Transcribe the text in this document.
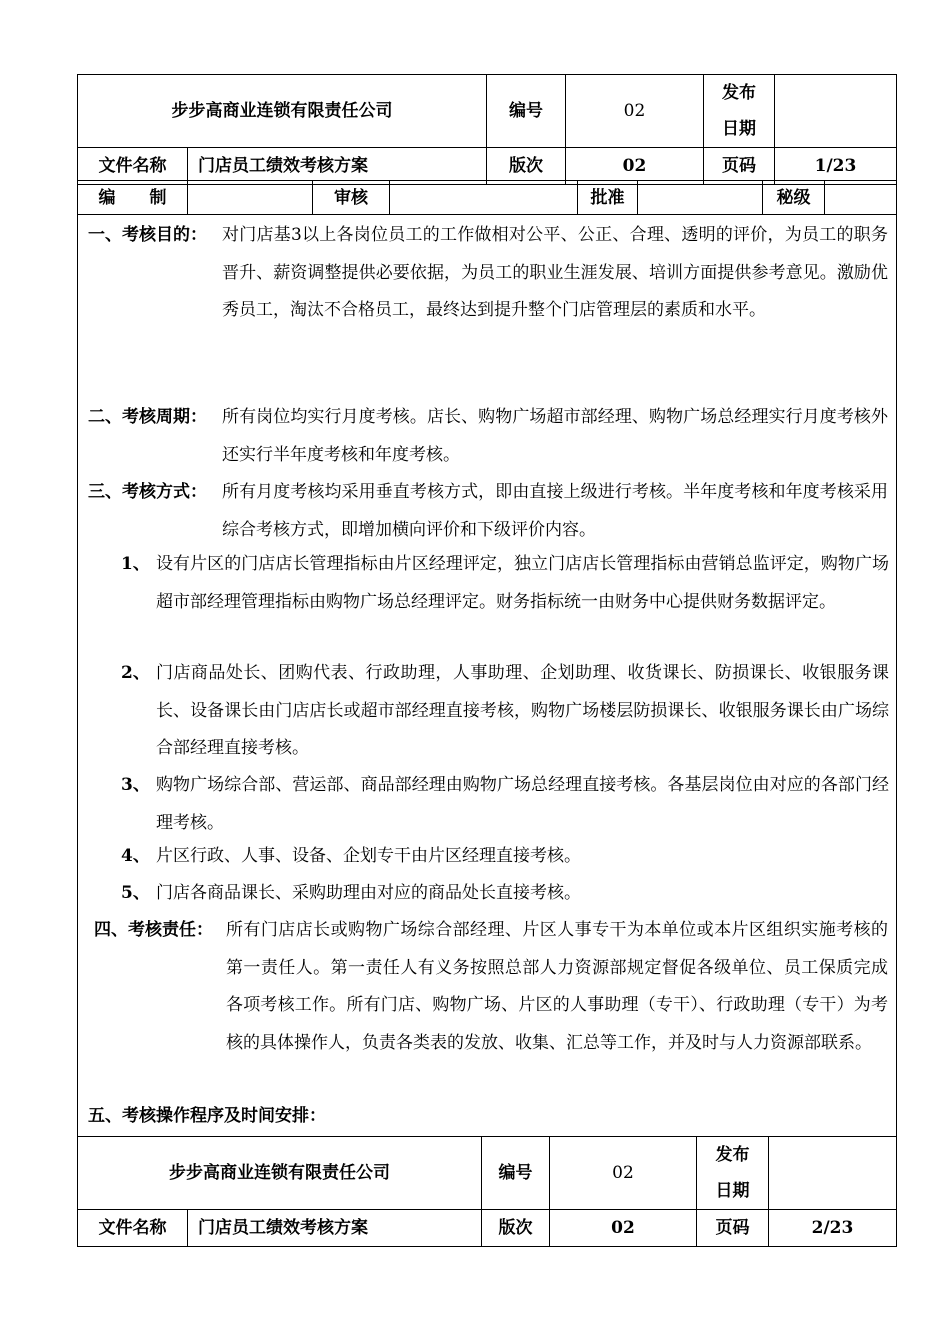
步步高商业连锁有限责任公司		编号	02	发布
日期	

文件名称	门店员工绩效考核方案	版次	02	页码	1/23
编　　制		审核		批准		秘级	
一、考核目的： 对门店基3以上各岗位员工的工作做相对公平、公正、合理、透明的评价，为员工的职务晋升、薪资调整提供必要依据，为员工的职业生涯发展、培训方面提供参考意见。激励优秀员工，淘汰不合格员工，最终达到提升整个门店管理层的素质和水平。
二、考核周期： 所有岗位均实行月度考核。店长、购物广场超市部经理、购物广场总经理实行月度考核外还实行半年度考核和年度考核。
三、考核方式： 所有月度考核均采用垂直考核方式，即由直接上级进行考核。半年度考核和年度考核采用综合考核方式，即增加横向评价和下级评价内容。
1、 设有片区的门店店长管理指标由片区经理评定，独立门店店长管理指标由营销总监评定，购物广场超市部经理管理指标由购物广场总经理评定。财务指标统一由财务中心提供财务数据评定。
2、 门店商品处长、团购代表、行政助理，人事助理、企划助理、收货课长、防损课长、收银服务课长、设备课长由门店店长或超市部经理直接考核，购物广场楼层防损课长、收银服务课长由广场综合部经理直接考核。
3、 购物广场综合部、营运部、商品部经理由购物广场总经理直接考核。各基层岗位由对应的各部门经理考核。
4、 片区行政、人事、设备、企划专干由片区经理直接考核。
5、 门店各商品课长、采购助理由对应的商品处长直接考核。
四、考核责任： 所有门店店长或购物广场综合部经理、片区人事专干为本单位或本片区组织实施考核的第一责任人。第一责任人有义务按照总部人力资源部规定督促各级单位、员工保质完成各项考核工作。所有门店、购物广场、片区的人事助理（专干）、行政助理（专干）为考核的具体操作人，负责各类表的发放、收集、汇总等工作，并及时与人力资源部联系。
五、考核操作程序及时间安排：
步步高商业连锁有限责任公司		编号	02	发布
日期	

文件名称	门店员工绩效考核方案	版次	02	页码	2/23
